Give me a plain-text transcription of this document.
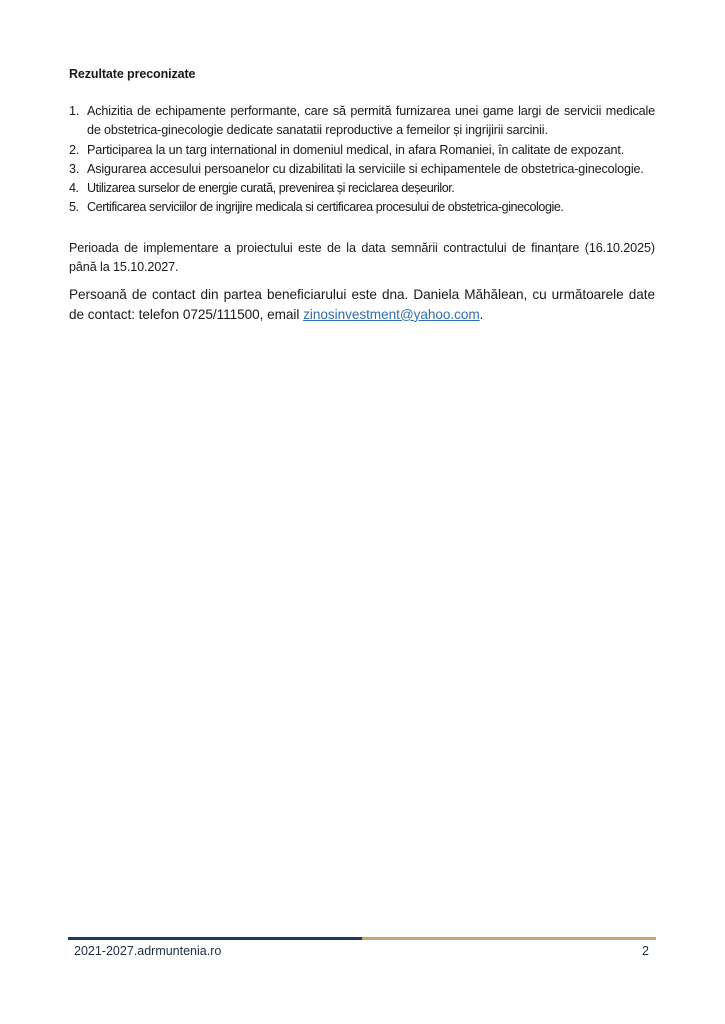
Rezultate preconizate

1. Achizitia de echipamente performante, care să permită furnizarea unei game largi de servicii medicale de obstetrica-ginecologie dedicate sanatatii reproductive a femeilor și ingrijirii sarcinii.
2. Participarea la un targ international in domeniul medical, in afara Romaniei, în calitate de expozant.
3. Asigurarea accesului persoanelor cu dizabilitati la serviciile si echipamentele de obstetrica-ginecologie.
4. Utilizarea surselor de energie curată, prevenirea și reciclarea deșeurilor.
5. Certificarea serviciilor de ingrijire medicala si certificarea procesului de obstetrica-ginecologie.

Perioada de implementare a proiectului este de la data semnării contractului de finanțare (16.10.2025) până la 15.10.2027.

Persoană de contact din partea beneficiarului este dna. Daniela Măhălean, cu următoarele date de contact: telefon 0725/111500, email zinosinvestment@yahoo.com.

2021-2027.adrmuntenia.ro	2
